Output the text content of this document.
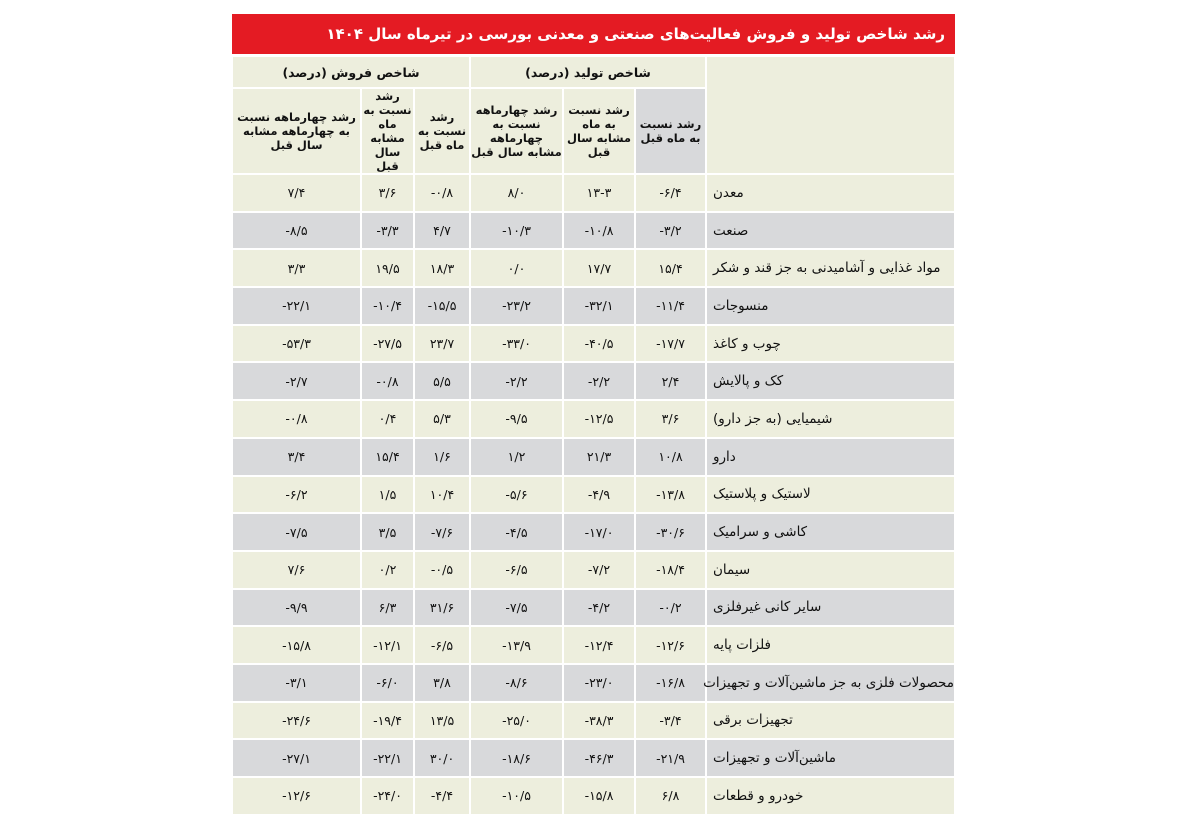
رشد شاخص تولید و فروش فعالیت‌های صنعتی و معدنی بورسی در تیرماه سال ۱۴۰۴
	شاخص تولید (درصد)			شاخص فروش (درصد)		
	رشد نسبت به ماه قبل	رشد نسبت به ماه مشابه سال قبل	رشد چهارماهه نسبت به چهارماهه مشابه سال قبل	رشد نسبت به ماه قبل	رشد نسبت به ماه مشابه سال قبل	رشد چهارماهه نسبت به چهارماهه مشابه سال قبل
معدن	-۶/۴	۱۳-۳	۸/۰	-۰/۸	۳/۶	۷/۴
صنعت	-۳/۲	-۱۰/۸	-۱۰/۳	۴/۷	-۳/۳	-۸/۵
مواد غذایی و آشامیدنی به جز قند و شکر	۱۵/۴	۱۷/۷	۰/۰	۱۸/۳	۱۹/۵	۳/۳
منسوجات	-۱۱/۴	-۳۲/۱	-۲۳/۲	-۱۵/۵	-۱۰/۴	-۲۲/۱
چوب و کاغذ	-۱۷/۷	-۴۰/۵	-۳۳/۰	۲۳/۷	-۲۷/۵	-۵۳/۳
کک و پالایش	۲/۴	-۲/۲	-۲/۲	۵/۵	-۰/۸	-۲/۷
شیمیایی (به جز دارو)	۳/۶	-۱۲/۵	-۹/۵	۵/۳	۰/۴	-۰/۸
دارو	۱۰/۸	۲۱/۳	۱/۲	۱/۶	۱۵/۴	۳/۴
لاستیک و پلاستیک	-۱۳/۸	-۴/۹	-۵/۶	۱۰/۴	۱/۵	-۶/۲
کاشی و سرامیک	-۳۰/۶	-۱۷/۰	-۴/۵	-۷/۶	۳/۵	-۷/۵
سیمان	-۱۸/۴	-۷/۲	-۶/۵	-۰/۵	۰/۲	۷/۶
سایر کانی غیرفلزی	-۰/۲	-۴/۲	-۷/۵	۳۱/۶	۶/۳	-۹/۹
فلزات پایه	-۱۲/۶	-۱۲/۴	-۱۳/۹	-۶/۵	-۱۲/۱	-۱۵/۸
محصولات فلزی به جز ماشین‌آلات و تجهیزات	-۱۶/۸	-۲۳/۰	-۸/۶	۳/۸	-۶/۰	-۳/۱
تجهیزات برقی	-۳/۴	-۳۸/۳	-۲۵/۰	۱۳/۵	-۱۹/۴	-۲۴/۶
ماشین‌آلات و تجهیزات	-۲۱/۹	-۴۶/۳	-۱۸/۶	۳۰/۰	-۲۲/۱	-۲۷/۱
خودرو و قطعات	۶/۸	-۱۵/۸	-۱۰/۵	-۴/۴	-۲۴/۰	-۱۲/۶
